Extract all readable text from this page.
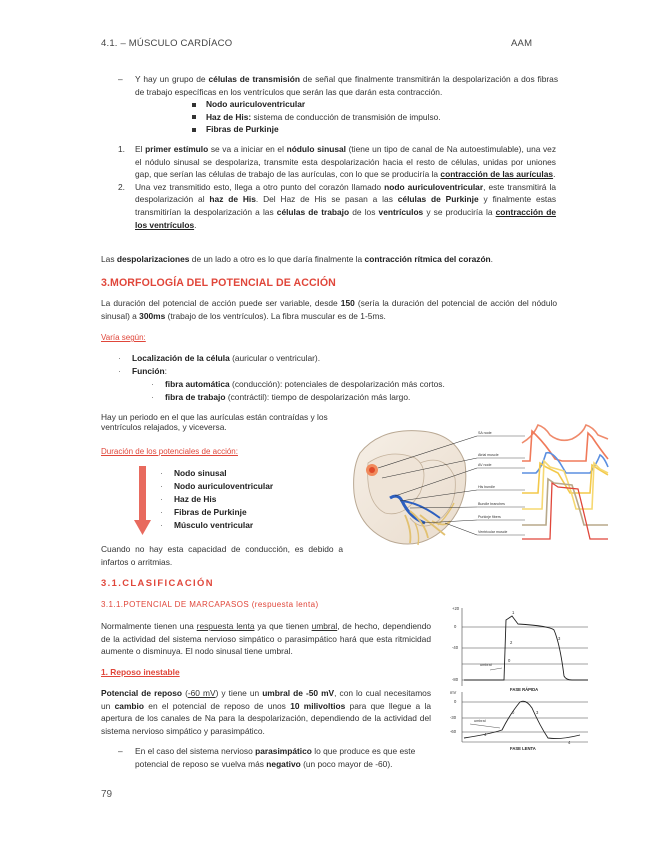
4.1. – MÚSCULO CARDÍACO	AAM

– Y hay un grupo de células de transmisión de señal que finalmente transmitirán la despolarización a dos fibras de trabajo específicas en los ventrículos que serán las que darán esta contracción.

Nodo auriculoventricular

Haz de His: sistema de conducción de transmisión de impulso.

Fibras de Purkinje

1. El primer estímulo se va a iniciar en el nódulo sinusal (tiene un tipo de canal de Na autoestimulable), una vez el nódulo sinusal se despolariza, transmite esta despolarización hacia el resto de células, unidas por uniones gap, que serían las células de trabajo de las aurículas, con lo que se produciría la contracción de las aurículas.

2. Una vez transmitido esto, llega a otro punto del corazón llamado nodo auriculoventricular, este transmitirá la despolarización al haz de His. Del Haz de His se pasan a las células de Purkinje y finalmente estas transmitirían la despolarización a las células de trabajo de los ventrículos y se produciría la contracción de los ventrículos.

Las despolarizaciones de un lado a otro es lo que daría finalmente la contracción rítmica del corazón.

3.MORFOLOGÍA DEL POTENCIAL DE ACCIÓN

La duración del potencial de acción puede ser variable, desde 150 (sería la duración del potencial de acción del nódulo sinusal) a 300ms (trabajo de los ventrículos). La fibra muscular es de 1-5ms.

Varía según:

· Localización de la célula (auricular o ventricular).

· Función:

· fibra automática (conducción): potenciales de despolarización más cortos.

· fibra de trabajo (contráctil): tiempo de despolarización más largo.

Hay un periodo en el que las aurículas están contraídas y los ventrículos relajados, y viceversa.
Duración de los potenciales de acción:

· Nodo sinusal

· Nodo auriculoventricular

· Haz de His

· Fibras de Purkinje

· Músculo ventricular

Cuando no hay esta capacidad de conducción, es debido a infartos o arritmias.

SA node
Atrial muscle
AV node
His bundle
Bundle branches
Purkinje fibers
Ventricular muscle
3.1.CLASIFICACIÓN
3.1.1.POTENCIAL DE MARCAPASOS (respuesta lenta)

Normalmente tienen una respuesta lenta ya que tienen umbral, de hecho, dependiendo de la actividad del sistema nervioso simpático o parasimpático hará que esta ritmicidad aumente o disminuya. El nodo sinusal tiene umbral.

1. Reposo inestable

Potencial de reposo (-60 mV) y tiene un umbral de -50 mV, con lo cual necesitamos un cambio en el potencial de reposo de unos 10 milivoltios para que llegue a la apertura de los canales de Na para la despolarización, dependiendo de la actividad del sistema nervioso simpático y parasimpático.

– En el caso del sistema nervioso parasimpático lo que produce es que este potencial de reposo se vuelva más negativo (un poco mayor de -60).

+20
0
-40
-80
umbral
1
2
3
0
FASE RÁPIDA
mV
0
-30
-60
umbral
0	3
4
4
FASE LENTA
79
